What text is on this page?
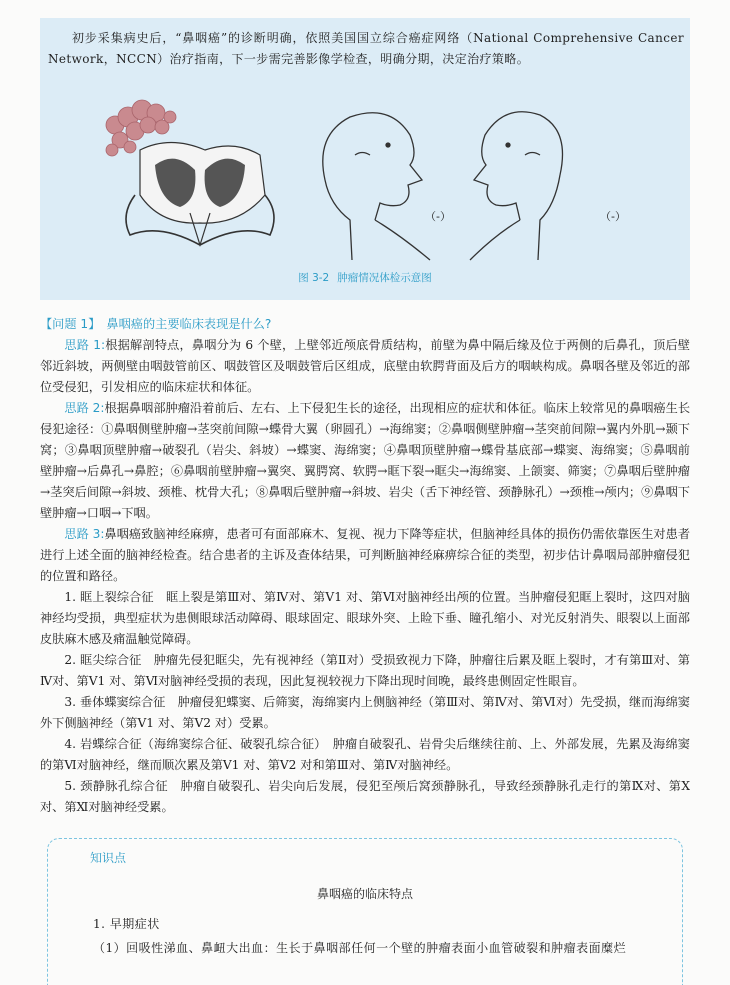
初步采集病史后，“鼻咽癌”的诊断明确，依照美国国立综合癌症网络（National Comprehensive Cancer Network，NCCN）治疗指南，下一步需完善影像学检查，明确分期，决定治疗策略。

（-）	（-）
图 3-2 肿瘤情况体检示意图
【问题 1】 鼻咽癌的主要临床表现是什么?

思路 1:根据解剖特点，鼻咽分为 6 个壁，上壁邻近颅底骨质结构，前壁为鼻中隔后缘及位于两侧的后鼻孔，顶后壁邻近斜坡，两侧壁由咽鼓管前区、咽鼓管区及咽鼓管后区组成，底壁由软腭背面及后方的咽峡构成。鼻咽各壁及邻近的部位受侵犯，引发相应的临床症状和体征。

思路 2:根据鼻咽部肿瘤沿着前后、左右、上下侵犯生长的途径，出现相应的症状和体征。临床上较常见的鼻咽癌生长侵犯途径：①鼻咽侧壁肿瘤→茎突前间隙→蝶骨大翼（卵圆孔）→海绵窦；②鼻咽侧壁肿瘤→茎突前间隙→翼内外肌→颞下窝；③鼻咽顶壁肿瘤→破裂孔（岩尖、斜坡）→蝶窦、海绵窦；④鼻咽顶壁肿瘤→蝶骨基底部→蝶窦、海绵窦；⑤鼻咽前壁肿瘤→后鼻孔→鼻腔；⑥鼻咽前壁肿瘤→翼突、翼腭窝、软腭→眶下裂→眶尖→海绵窦、上颌窦、筛窦；⑦鼻咽后壁肿瘤→茎突后间隙→斜坡、颈椎、枕骨大孔；⑧鼻咽后壁肿瘤→斜坡、岩尖（舌下神经管、颈静脉孔）→颈椎→颅内；⑨鼻咽下壁肿瘤→口咽→下咽。

思路 3:鼻咽癌致脑神经麻痹，患者可有面部麻木、复视、视力下降等症状，但脑神经具体的损伤仍需依靠医生对患者进行上述全面的脑神经检查。结合患者的主诉及查体结果，可判断脑神经麻痹综合征的类型，初步估计鼻咽局部肿瘤侵犯的位置和路径。

1. 眶上裂综合征　眶上裂是第Ⅲ对、第Ⅳ对、第Ⅴ1 对、第Ⅵ对脑神经出颅的位置。当肿瘤侵犯眶上裂时，这四对脑神经均受损，典型症状为患侧眼球活动障碍、眼球固定、眼球外突、上睑下垂、瞳孔缩小、对光反射消失、眼裂以上面部皮肤麻木感及痛温触觉障碍。

2. 眶尖综合征　肿瘤先侵犯眶尖，先有视神经（第Ⅱ对）受损致视力下降，肿瘤往后累及眶上裂时，才有第Ⅲ对、第Ⅳ对、第Ⅴ1 对、第Ⅵ对脑神经受损的表现，因此复视较视力下降出现时间晚，最终患侧固定性眼盲。

3. 垂体蝶窦综合征　肿瘤侵犯蝶窦、后筛窦，海绵窦内上侧脑神经（第Ⅲ对、第Ⅳ对、第Ⅵ对）先受损，继而海绵窦外下侧脑神经（第Ⅴ1 对、第Ⅴ2 对）受累。

4. 岩蝶综合征（海绵窦综合征、破裂孔综合征）　肿瘤自破裂孔、岩骨尖后继续往前、上、外部发展，先累及海绵窦的第Ⅵ对脑神经，继而顺次累及第Ⅴ1 对、第Ⅴ2 对和第Ⅲ对、第Ⅳ对脑神经。

5. 颈静脉孔综合征　肿瘤自破裂孔、岩尖向后发展，侵犯至颅后窝颈静脉孔，导致经颈静脉孔走行的第Ⅸ对、第Ⅹ对、第Ⅺ对脑神经受累。

知识点
鼻咽癌的临床特点
1. 早期症状
（1）回吸性涕血、鼻衄大出血：生长于鼻咽部任何一个壁的肿瘤表面小血管破裂和肿瘤表面糜烂
